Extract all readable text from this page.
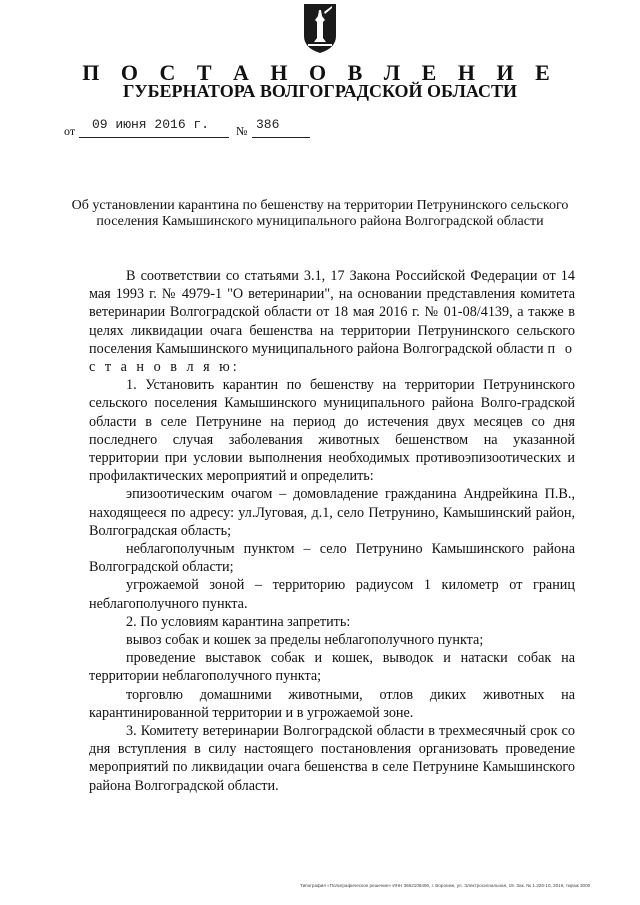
П О С Т А Н О В Л Е Н И Е
ГУБЕРНАТОРА ВОЛГОГРАДСКОЙ ОБЛАСТИ
от 09 июня 2016 г. № 386
Об установлении карантина по бешенству на территории Петрунинского сельского поселения Камышинского муниципального района Волгоградской области

В соответствии со статьями 3.1, 17 Закона Российской Федерации от 14 мая 1993 г. № 4979-1 "О ветеринарии", на основании представления комитета ветеринарии Волгоградской области от 18 мая 2016 г. № 01-08/4139, а также в целях ликвидации очага бешенства на территории Петрунинского сельского поселения Камышинского муниципального района Волгоградской области п о с т а н о в л я ю:

1. Установить карантин по бешенству на территории Петрунинского сельского поселения Камышинского муниципального района Волго-градской области в селе Петрунине на период до истечения двух месяцев со дня последнего случая заболевания животных бешенством на указанной территории при условии выполнения необходимых противоэпизоотических и профилактических мероприятий и определить:

эпизоотическим очагом – домовладение гражданина Андрейкина П.В., находящееся по адресу: ул.Луговая, д.1, село Петрунино, Камышинский район, Волгоградская область;

неблагополучным пунктом – село Петрунино Камышинского района Волгоградской области;

угрожаемой зоной – территорию радиусом 1 километр от границ неблагополучного пункта.

2. По условиям карантина запретить:

вывоз собак и кошек за пределы неблагополучного пункта;

проведение выставок собак и кошек, выводок и натаски собак на территории неблагополучного пункта;

торговлю домашними животными, отлов диких животных на карантинированной территории и в угрожаемой зоне.

3. Комитету ветеринарии Волгоградской области в трехмесячный срок со дня вступления в силу настоящего постановления организовать проведение мероприятий по ликвидации очага бешенства в селе Петрунине Камышинского района Волгоградской области.

Типография «Полиграфическое решение» ИНН 3662108490, г. Воронеж, ул. Электросигнальная, 19. Зак. № 1.326-10, 2016, тираж 3000
